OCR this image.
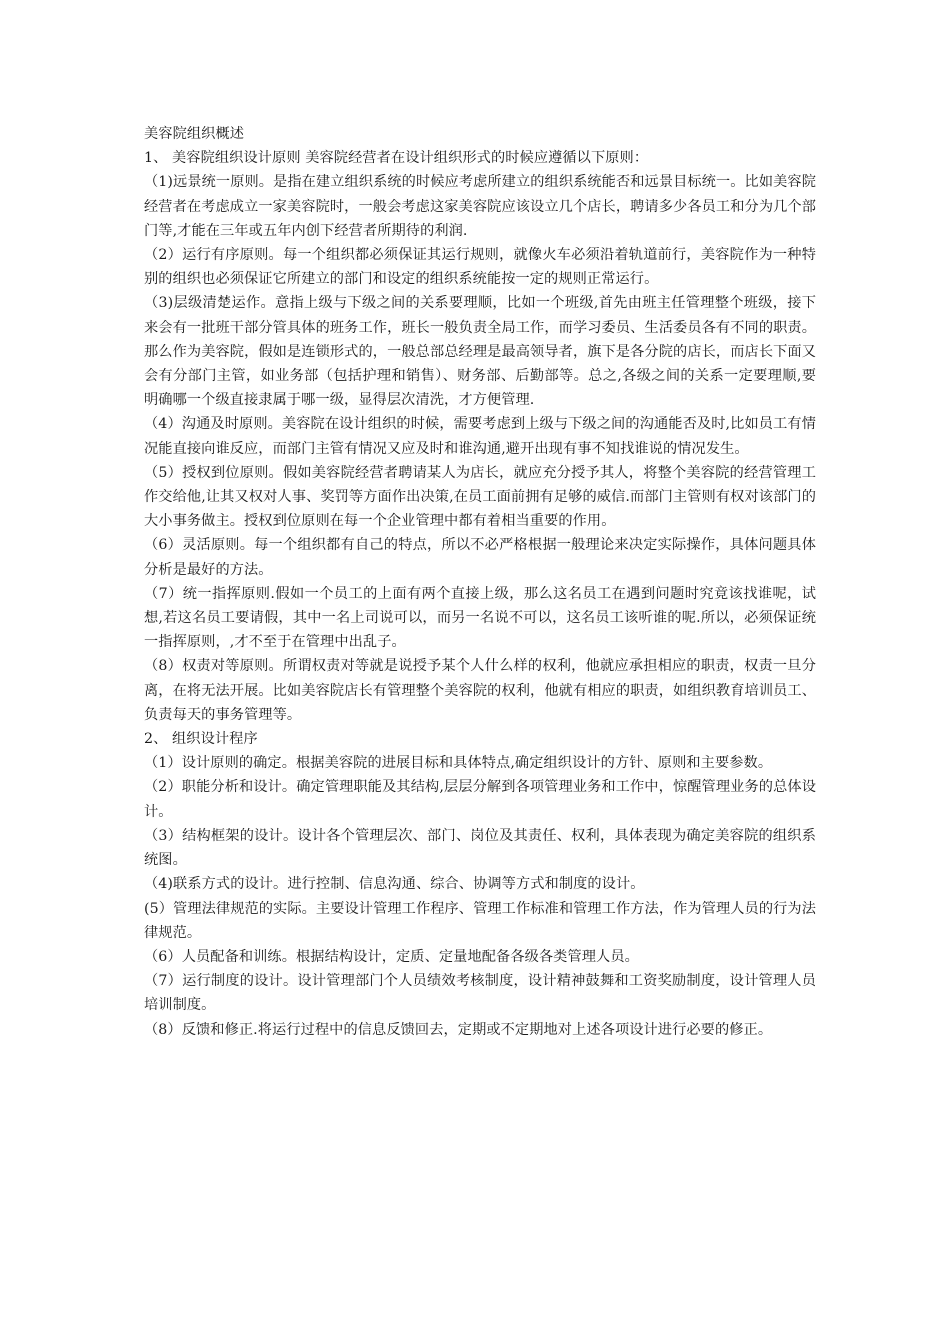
美容院组织概述

1、 美容院组织设计原则 美容院经营者在设计组织形式的时候应遵循以下原则：

（1)远景统一原则。是指在建立组织系统的时候应考虑所建立的组织系统能否和远景目标统一。比如美容院经营者在考虑成立一家美容院时，一般会考虑这家美容院应该设立几个店长，聘请多少各员工和分为几个部门等,才能在三年或五年内创下经营者所期待的利润.

（2）运行有序原则。每一个组织都必须保证其运行规则，就像火车必须沿着轨道前行，美容院作为一种特别的组织也必须保证它所建立的部门和设定的组织系统能按一定的规则正常运行。

（3)层级清楚运作。意指上级与下级之间的关系要理顺，比如一个班级,首先由班主任管理整个班级，接下来会有一批班干部分管具体的班务工作，班长一般负责全局工作，而学习委员、生活委员各有不同的职责。那么作为美容院，假如是连锁形式的，一般总部总经理是最高领导者，旗下是各分院的店长，而店长下面又会有分部门主管，如业务部（包括护理和销售）、财务部、后勤部等。总之,各级之间的关系一定要理顺,要明确哪一个级直接隶属于哪一级，显得层次清洗，才方便管理.

（4）沟通及时原则。美容院在设计组织的时候，需要考虑到上级与下级之间的沟通能否及时,比如员工有情况能直接向谁反应，而部门主管有情况又应及时和谁沟通,避开出现有事不知找谁说的情况发生。

（5）授权到位原则。假如美容院经营者聘请某人为店长，就应充分授予其人，将整个美容院的经营管理工作交给他,让其又权对人事、奖罚等方面作出决策,在员工面前拥有足够的威信.而部门主管则有权对该部门的大小事务做主。授权到位原则在每一个企业管理中都有着相当重要的作用。

（6）灵活原则。每一个组织都有自己的特点，所以不必严格根据一般理论来决定实际操作，具体问题具体分析是最好的方法。

（7）统一指挥原则.假如一个员工的上面有两个直接上级，那么这名员工在遇到问题时究竟该找谁呢，试想,若这名员工要请假，其中一名上司说可以，而另一名说不可以，这名员工该听谁的呢.所以，必须保证统一指挥原则，,才不至于在管理中出乱子。

（8）权责对等原则。所谓权责对等就是说授予某个人什么样的权利，他就应承担相应的职责，权责一旦分离，在将无法开展。比如美容院店长有管理整个美容院的权利，他就有相应的职责，如组织教育培训员工、负责每天的事务管理等。

2、 组织设计程序

（1）设计原则的确定。根据美容院的进展目标和具体特点,确定组织设计的方针、原则和主要参数。

（2）职能分析和设计。确定管理职能及其结构,层层分解到各项管理业务和工作中，惊醒管理业务的总体设计。

（3）结构框架的设计。设计各个管理层次、部门、岗位及其责任、权利，具体表现为确定美容院的组织系统图。

（4)联系方式的设计。进行控制、信息沟通、综合、协调等方式和制度的设计。

(5）管理法律规范的实际。主要设计管理工作程序、管理工作标准和管理工作方法，作为管理人员的行为法律规范。

（6）人员配备和训练。根据结构设计，定质、定量地配备各级各类管理人员。

（7）运行制度的设计。设计管理部门个人员绩效考核制度，设计精神鼓舞和工资奖励制度，设计管理人员培训制度。

（8）反馈和修正.将运行过程中的信息反馈回去，定期或不定期地对上述各项设计进行必要的修正。
